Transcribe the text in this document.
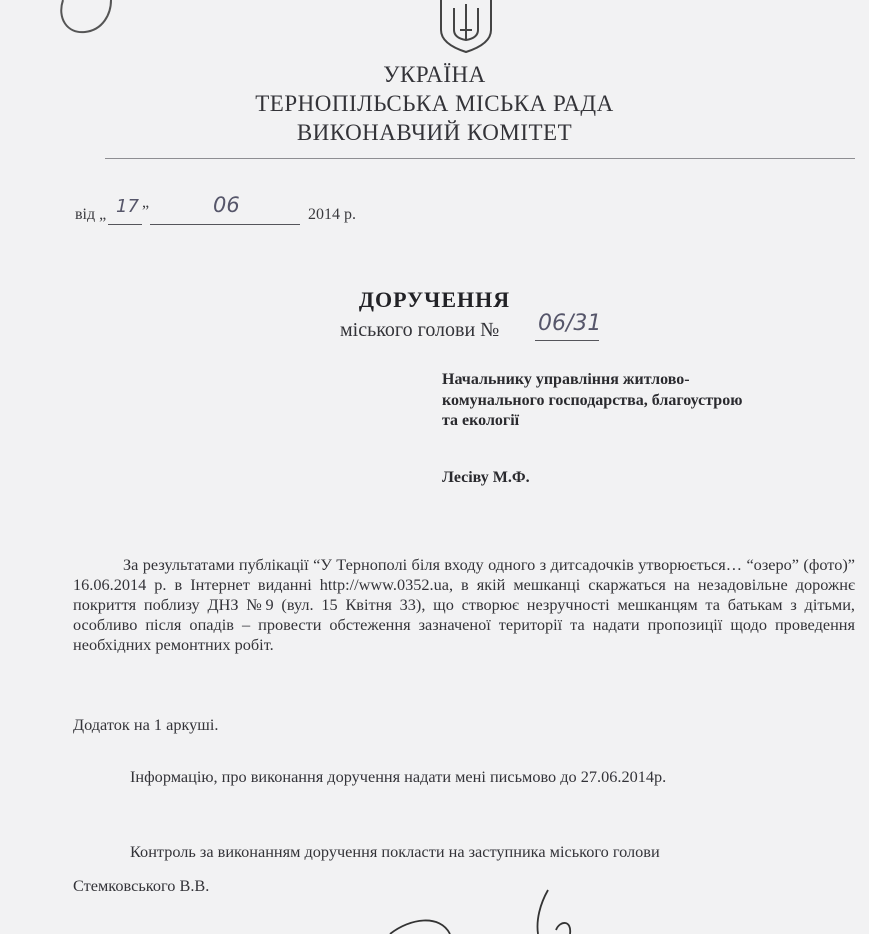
УКРАЇНА
ТЕРНОПІЛЬСЬКА МІСЬКА РАДА
ВИКОНАВЧИЙ КОМІТЕТ
від „ 17 ”	06	2014 р.
ДОРУЧЕННЯ
міського голови № 06/31
Начальнику управління житлово-
комунального господарства, благоустрою
та екології
Лесіву М.Ф.

За результатами публікації “У Тернополі біля входу одного з дитсадочків утворюється… “озеро” (фото)” 16.06.2014 р. в Інтернет виданні http://www.0352.ua, в якій мешканці скаржаться на незадовільне дорожнє покриття поблизу ДНЗ №9 (вул. 15 Квітня 33), що створює незручності мешканцям та батькам з дітьми, особливо після опадів – провести обстеження зазначеної території та надати пропозиції щодо проведення необхідних ремонтних робіт.

Додаток на 1 аркуші.
Інформацію, про виконання доручення надати мені письмово до 27.06.2014р.
Контроль за виконанням доручення покласти на заступника міського голови
Стемковського В.В.
